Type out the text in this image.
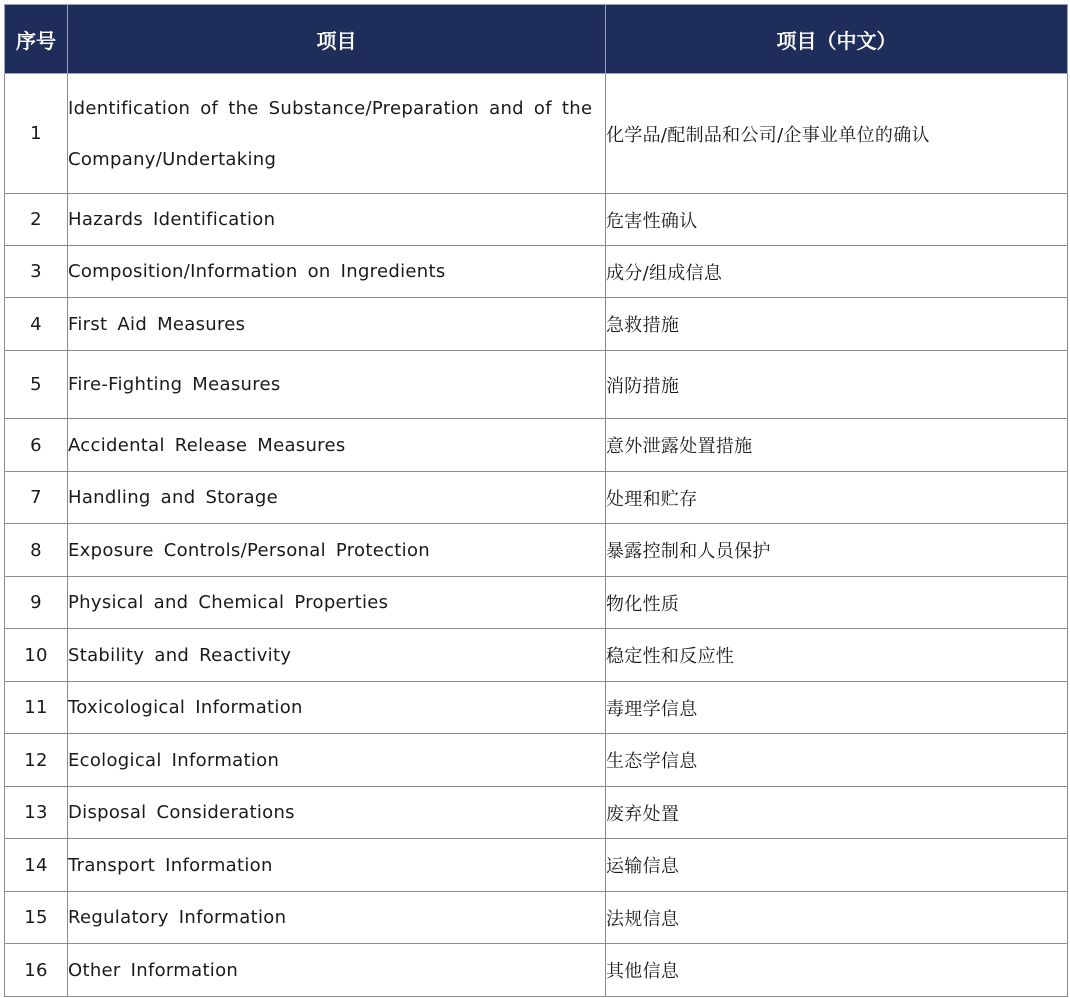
序号	项目	项目（中文）
1	Identification of the Substance/Preparation and of the Company/Undertaking	化学品/配制品和公司/企事业单位的确认
2	Hazards Identification	危害性确认
3	Composition/Information on Ingredients	成分/组成信息
4	First Aid Measures	急救措施
5	Fire-Fighting Measures	消防措施
6	Accidental Release Measures	意外泄露处置措施
7	Handling and Storage	处理和贮存
8	Exposure Controls/Personal Protection	暴露控制和人员保护
9	Physical and Chemical Properties	物化性质
10	Stability and Reactivity	稳定性和反应性
11	Toxicological Information	毒理学信息
12	Ecological Information	生态学信息
13	Disposal Considerations	废弃处置
14	Transport Information	运输信息
15	Regulatory Information	法规信息
16	Other Information	其他信息
